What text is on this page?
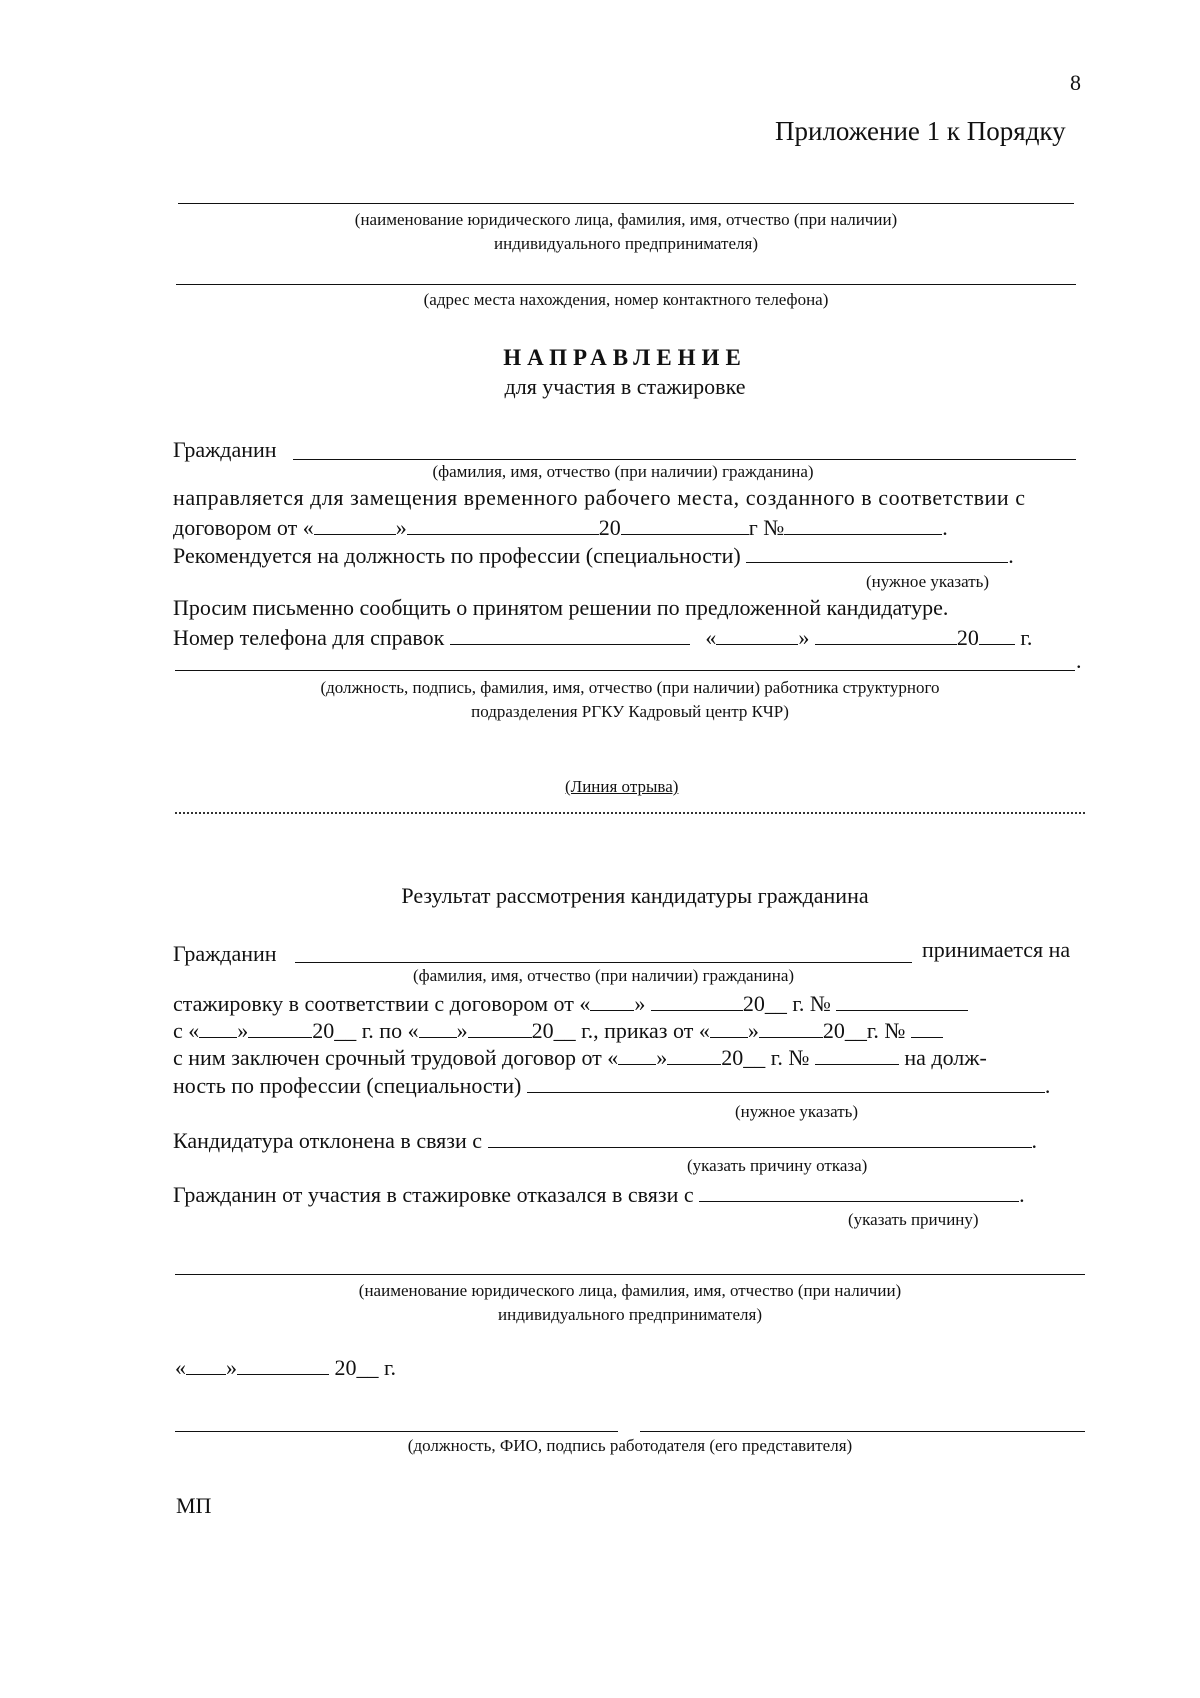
8
Приложение 1 к Порядку
(наименование юридического лица, фамилия, имя, отчество (при наличии)
индивидуального предпринимателя)
(адрес места нахождения, номер контактного телефона)
НАПРАВЛЕНИЕ
для участия в стажировке
Гражданин
(фамилия, имя, отчество (при наличии) гражданина)
направляется для замещения временного рабочего места, созданного в соответствии с
договором от «	»	20	г №	.
Рекомендуется на должность по профессии (специальности)	.
(нужное указать)
Просим письменно сообщить о принятом решении по предложенной кандидатуре.
Номер телефона для справок	«	»	20 г.
.
(должность, подпись, фамилия, имя, отчество (при наличии) работника структурного
подразделения РГКУ Кадровый центр КЧР)
(Линия отрыва)
Результат рассмотрения кандидатуры гражданина
Гражданин	принимается на
(фамилия, имя, отчество (при наличии) гражданина)
стажировку в соответствии с договором от « »	20__ г. №
с « »	20__ г. по « »	20__ г., приказ от « »	20__г. №
с ним заключен срочный трудовой договор от « » 20__ г. №	на долж-
ность по профессии (специальности)	.
(нужное указать)
Кандидатура отклонена в связи с	.
(указать причину отказа)
Гражданин от участия в стажировке отказался в связи с	.
(указать причину)
(наименование юридического лица, фамилия, имя, отчество (при наличии)
индивидуального предпринимателя)
« »	20__ г.
(должность, ФИО, подпись работодателя (его представителя)
МП
